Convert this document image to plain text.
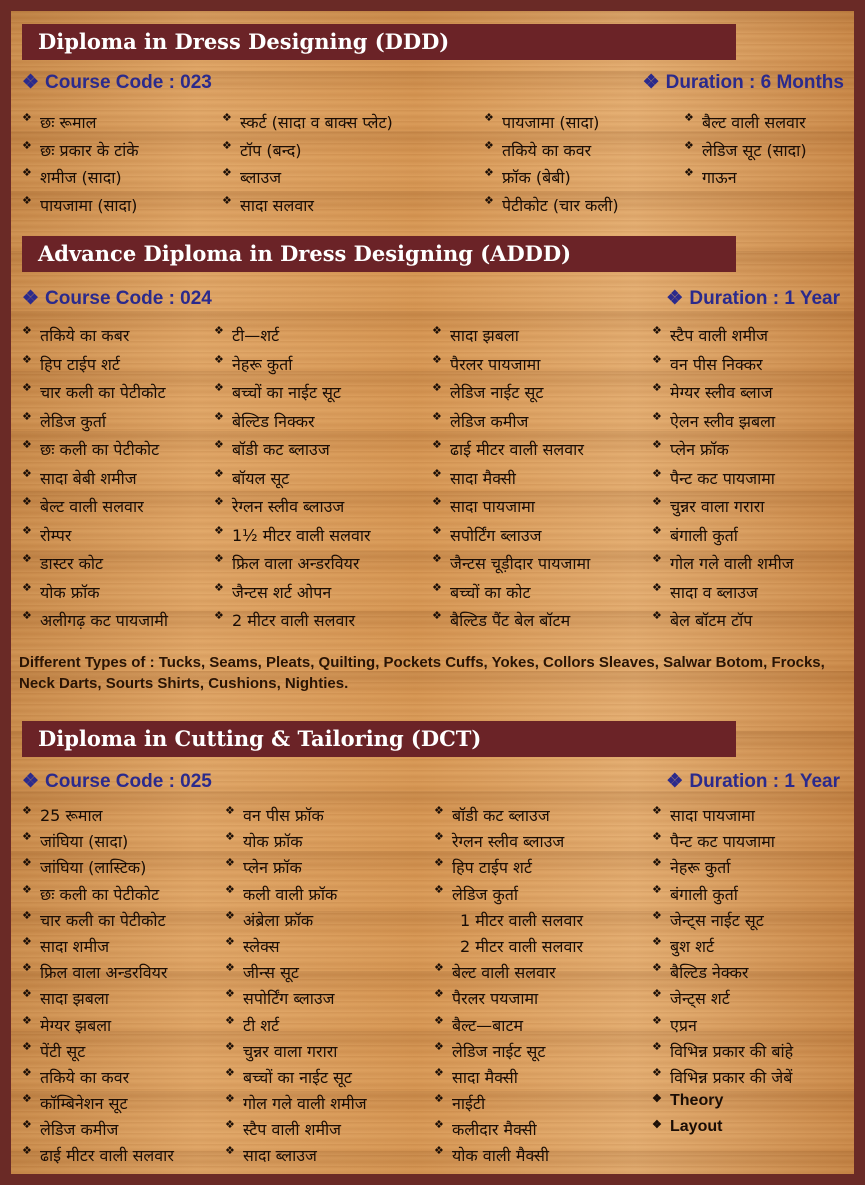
Diploma in Dress Designing (DDD)
❖ Course Code : 023	❖ Duration : 6 Months
❖ छः रूमाल
❖ छः प्रकार के टांके
❖ शमीज (सादा)
❖ पायजामा (सादा)
❖ स्कर्ट (सादा व बाक्स प्लेट)
❖ टॉप (बन्द)
❖ ब्लाउज
❖ सादा सलवार
❖ पायजामा (सादा)
❖ तकिये का कवर
❖ फ्रॉक (बेबी)
❖ पेटीकोट (चार कली)
❖ बैल्ट वाली सलवार
❖ लेडिज सूट (सादा)
❖ गाऊन
Advance Diploma in Dress Designing (ADDD)
❖ Course Code : 024	❖ Duration : 1 Year
❖ तकिये का कबर
❖ हिप टाईप शर्ट
❖ चार कली का पेटीकोट
❖ लेडिज कुर्ता
❖ छः कली का पेटीकोट
❖ सादा बेबी शमीज
❖ बेल्ट वाली सलवार
❖ रोम्पर
❖ डास्टर कोट
❖ योक फ्रॉक
❖ अलीगढ़ कट पायजामी
❖ टी—शर्ट
❖ नेहरू कुर्ता
❖ बच्चों का नाईट सूट
❖ बेल्टिड निक्कर
❖ बॉडी कट ब्लाउज
❖ बॉयल सूट
❖ रेग्लन स्लीव ब्लाउज
❖ 1½ मीटर वाली सलवार
❖ फ्रिल वाला अन्डरवियर
❖ जैन्टस शर्ट ओपन
❖ 2 मीटर वाली सलवार
❖ सादा झबला
❖ पैरलर पायजामा
❖ लेडिज नाईट सूट
❖ लेडिज कमीज
❖ ढाई मीटर वाली सलवार
❖ सादा मैक्सी
❖ सादा पायजामा
❖ सपोर्टिंग ब्लाउज
❖ जैन्टस चूड़ीदार पायजामा
❖ बच्चों का कोट
❖ बैल्टिड पैंट बेल बॉटम
❖ स्टैप वाली शमीज
❖ वन पीस निक्कर
❖ मेग्यर स्लीव ब्लाज
❖ ऐलन स्लीव झबला
❖ प्लेन फ्रॉक
❖ पैन्ट कट पायजामा
❖ चुन्नर वाला गरारा
❖ बंगाली कुर्ता
❖ गोल गले वाली शमीज
❖ सादा व ब्लाउज
❖ बेल बॉटम टॉप
Different Types of : Tucks, Seams, Pleats, Quilting, Pockets Cuffs, Yokes, Collors Sleaves, Salwar Botom, Frocks, Neck Darts, Sourts Shirts, Cushions, Nighties.
Diploma in Cutting & Tailoring (DCT)
❖ Course Code : 025	❖ Duration : 1 Year
❖ 25 रूमाल
❖ जांघिया (सादा)
❖ जांघिया (लास्टिक)
❖ छः कली का पेटीकोट
❖ चार कली का पेटीकोट
❖ सादा शमीज
❖ फ्रिल वाला अन्डरवियर
❖ सादा झबला
❖ मेग्यर झबला
❖ पेंटी सूट
❖ तकिये का कवर
❖ कॉम्बिनेशन सूट
❖ लेडिज कमीज
❖ ढाई मीटर वाली सलवार
❖ वन पीस फ्रॉक
❖ योक फ्रॉक
❖ प्लेन फ्रॉक
❖ कली वाली फ्रॉक
❖ अंब्रेला फ्रॉक
❖ स्लेक्स
❖ जीन्स सूट
❖ सपोर्टिंग ब्लाउज
❖ टी शर्ट
❖ चुन्नर वाला गरारा
❖ बच्चों का नाईट सूट
❖ गोल गले वाली शमीज
❖ स्टैप वाली शमीज
❖ सादा ब्लाउज
❖ बॉडी कट ब्लाउज
❖ रेग्लन स्लीव ब्लाउज
❖ हिप टाईप शर्ट
❖ लेडिज कुर्ता
1 मीटर वाली सलवार
2 मीटर वाली सलवार
❖ बेल्ट वाली सलवार
❖ पैरलर पयजामा
❖ बैल्ट—बाटम
❖ लेडिज नाईट सूट
❖ सादा मैक्सी
❖ नाईटी
❖ कलीदार मैक्सी
❖ योक वाली मैक्सी
❖ सादा पायजामा
❖ पैन्ट कट पायजामा
❖ नेहरू कुर्ता
❖ बंगाली कुर्ता
❖ जेन्ट्स नाईट सूट
❖ बुश शर्ट
❖ बैल्टिड नेक्कर
❖ जेन्ट्स शर्ट
❖ एप्रन
❖ विभिन्न प्रकार की बांहे
❖ विभिन्न प्रकार की जेबें
❖ Theory
❖ Layout
